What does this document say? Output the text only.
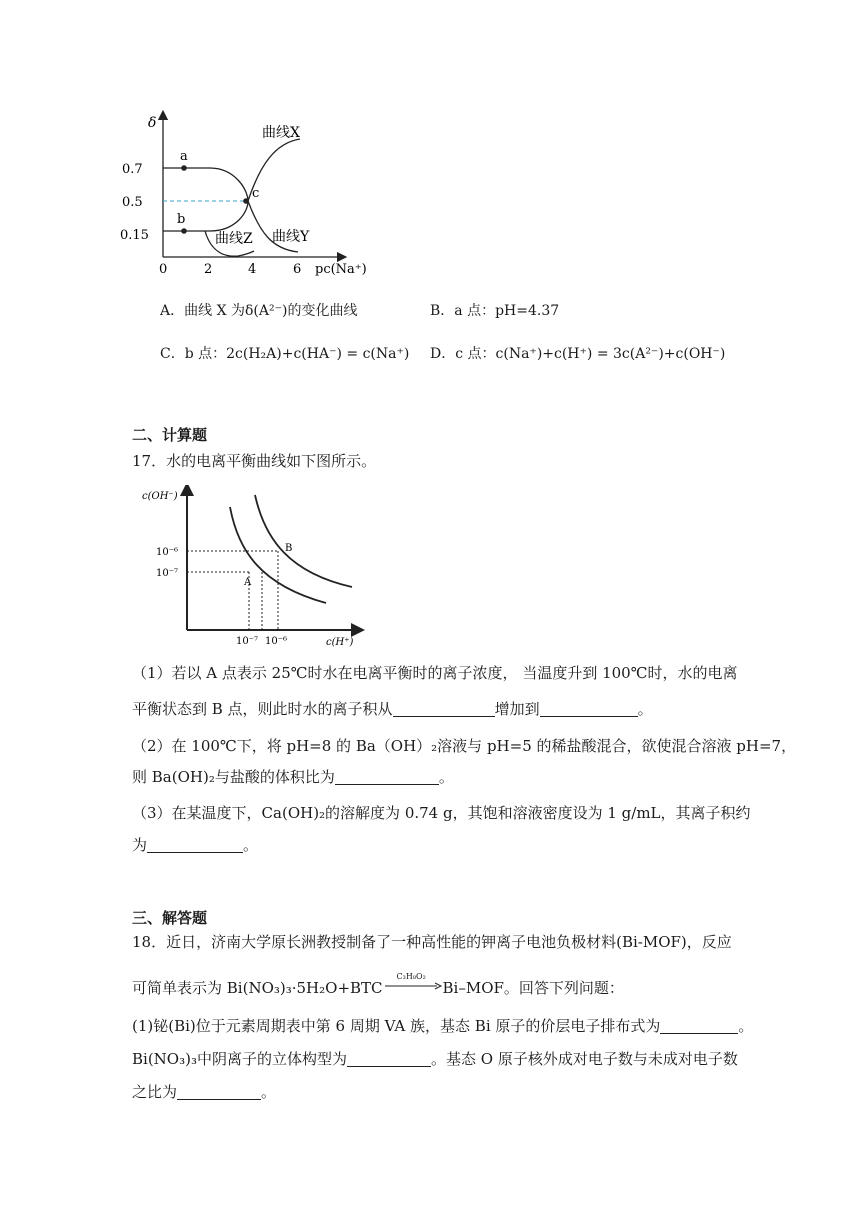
δ
0.7
0.5
0.15
0	2	4	6 pc(Na⁺)
a
b
c
曲线X
曲线Y
曲线Z
A．曲线 X 为δ(A²⁻)的变化曲线	B．a 点：pH=4.37
C．b 点：2c(H₂A)+c(HA⁻) = c(Na⁺) D．c 点：c(Na⁺)+c(H⁺) = 3c(A²⁻)+c(OH⁻)
二、计算题
17．水的电离平衡曲线如下图所示。
c(OH⁻)
c(H⁺)
10⁻⁶
10⁻⁷
10⁻⁷ 10⁻⁶
A
B
（1）若以 A 点表示 25℃时水在电离平衡时的离子浓度， 当温度升到 100℃时，水的电离
平衡状态到 B 点，则此时水的离子积从	增加到	。
（2）在 100℃下，将 pH=8 的 Ba（OH）₂溶液与 pH=5 的稀盐酸混合，欲使混合溶液 pH=7，
则 Ba(OH)₂与盐酸的体积比为	。
（3）在某温度下，Ca(OH)₂的溶解度为 0.74 g，其饱和溶液密度设为 1 g/mL，其离子积约
为	。
三、解答题
18．近日，济南大学原长洲教授制备了一种高性能的钾离子电池负极材料(Bi-MOF)，反应
可简单表示为 Bi(NO₃)₃·5H₂O+BTC
C₃H₈O₂
Bi–MOF。回答下列问题：
(1)铋(Bi)位于元素周期表中第 6 周期 VA 族，基态 Bi 原子的价层电子排布式为	。
Bi(NO₃)₃中阴离子的立体构型为	。基态 O 原子核外成对电子数与未成对电子数
之比为	。
